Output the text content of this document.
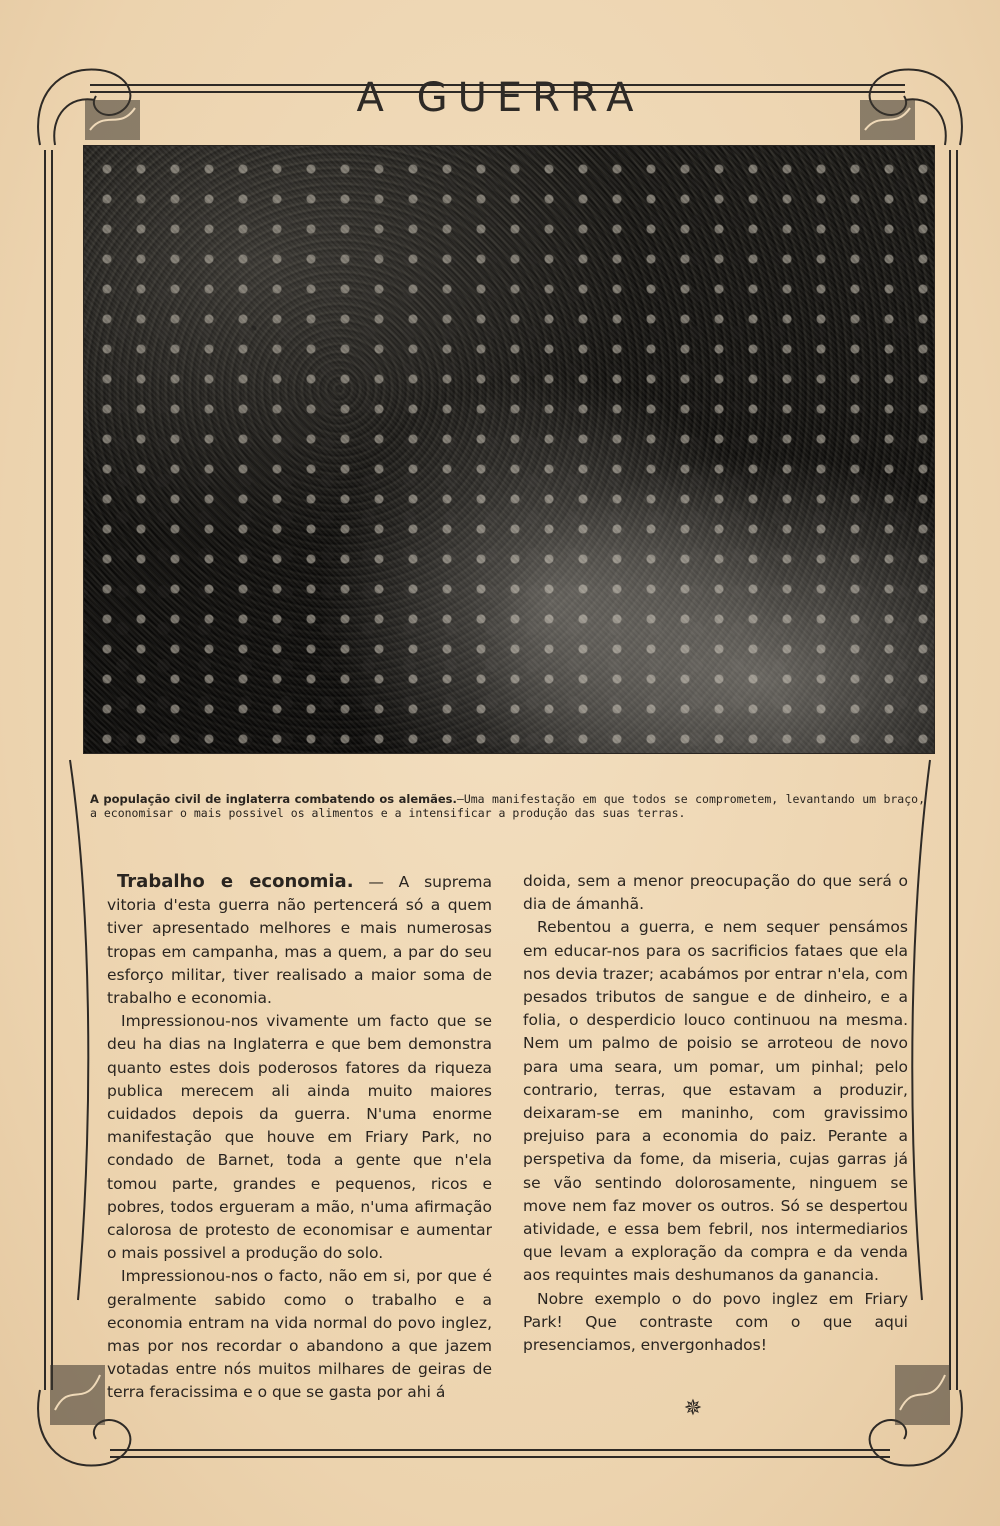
A GUERRA
A população civil de inglaterra combatendo os alemães.—Uma manifestação em que todos se comprometem, levantando um braço, a economisar o mais possivel os alimentos e a intensificar a produção das suas terras.

Trabalho e economia. — A suprema vitoria d'esta guerra não pertencerá só a quem tiver apresentado melhores e mais numerosas tropas em campanha, mas a quem, a par do seu esforço militar, tiver realisado a maior soma de trabalho e economia.

Impressionou-nos vivamente um facto que se deu ha dias na Inglaterra e que bem demonstra quanto estes dois poderosos fatores da riqueza publica merecem ali ainda muito maiores cuidados depois da guerra. N'uma enorme manifestação que houve em Friary Park, no condado de Barnet, toda a gente que n'ela tomou parte, grandes e pequenos, ricos e pobres, todos ergueram a mão, n'uma afirmação calorosa de protesto de economisar e aumentar o mais possivel a produção do solo.

Impressionou-nos o facto, não em si, por que é geralmente sabido como o trabalho e a economia entram na vida normal do povo inglez, mas por nos recordar o abandono a que jazem votadas entre nós muitos milhares de geiras de terra feracissima e o que se gasta por ahi á

doida, sem a menor preocupação do que será o dia de ámanhã.

Rebentou a guerra, e nem sequer pensámos em educar-nos para os sacrificios fataes que ela nos devia trazer; acabámos por entrar n'ela, com pesados tributos de sangue e de dinheiro, e a folia, o desperdicio louco continuou na mesma. Nem um palmo de poisio se arroteou de novo para uma seara, um pomar, um pinhal; pelo contrario, terras, que estavam a produzir, deixaram-se em maninho, com gravissimo prejuiso para a economia do paiz. Perante a perspetiva da fome, da miseria, cujas garras já se vão sentindo dolorosamente, ninguem se move nem faz mover os outros. Só se despertou atividade, e essa bem febril, nos intermediarios que levam a exploração da compra e da venda aos requintes mais deshumanos da ganancia.

Nobre exemplo o do povo inglez em Friary Park! Que contraste com o que aqui presenciamos, envergonhados!

✵
